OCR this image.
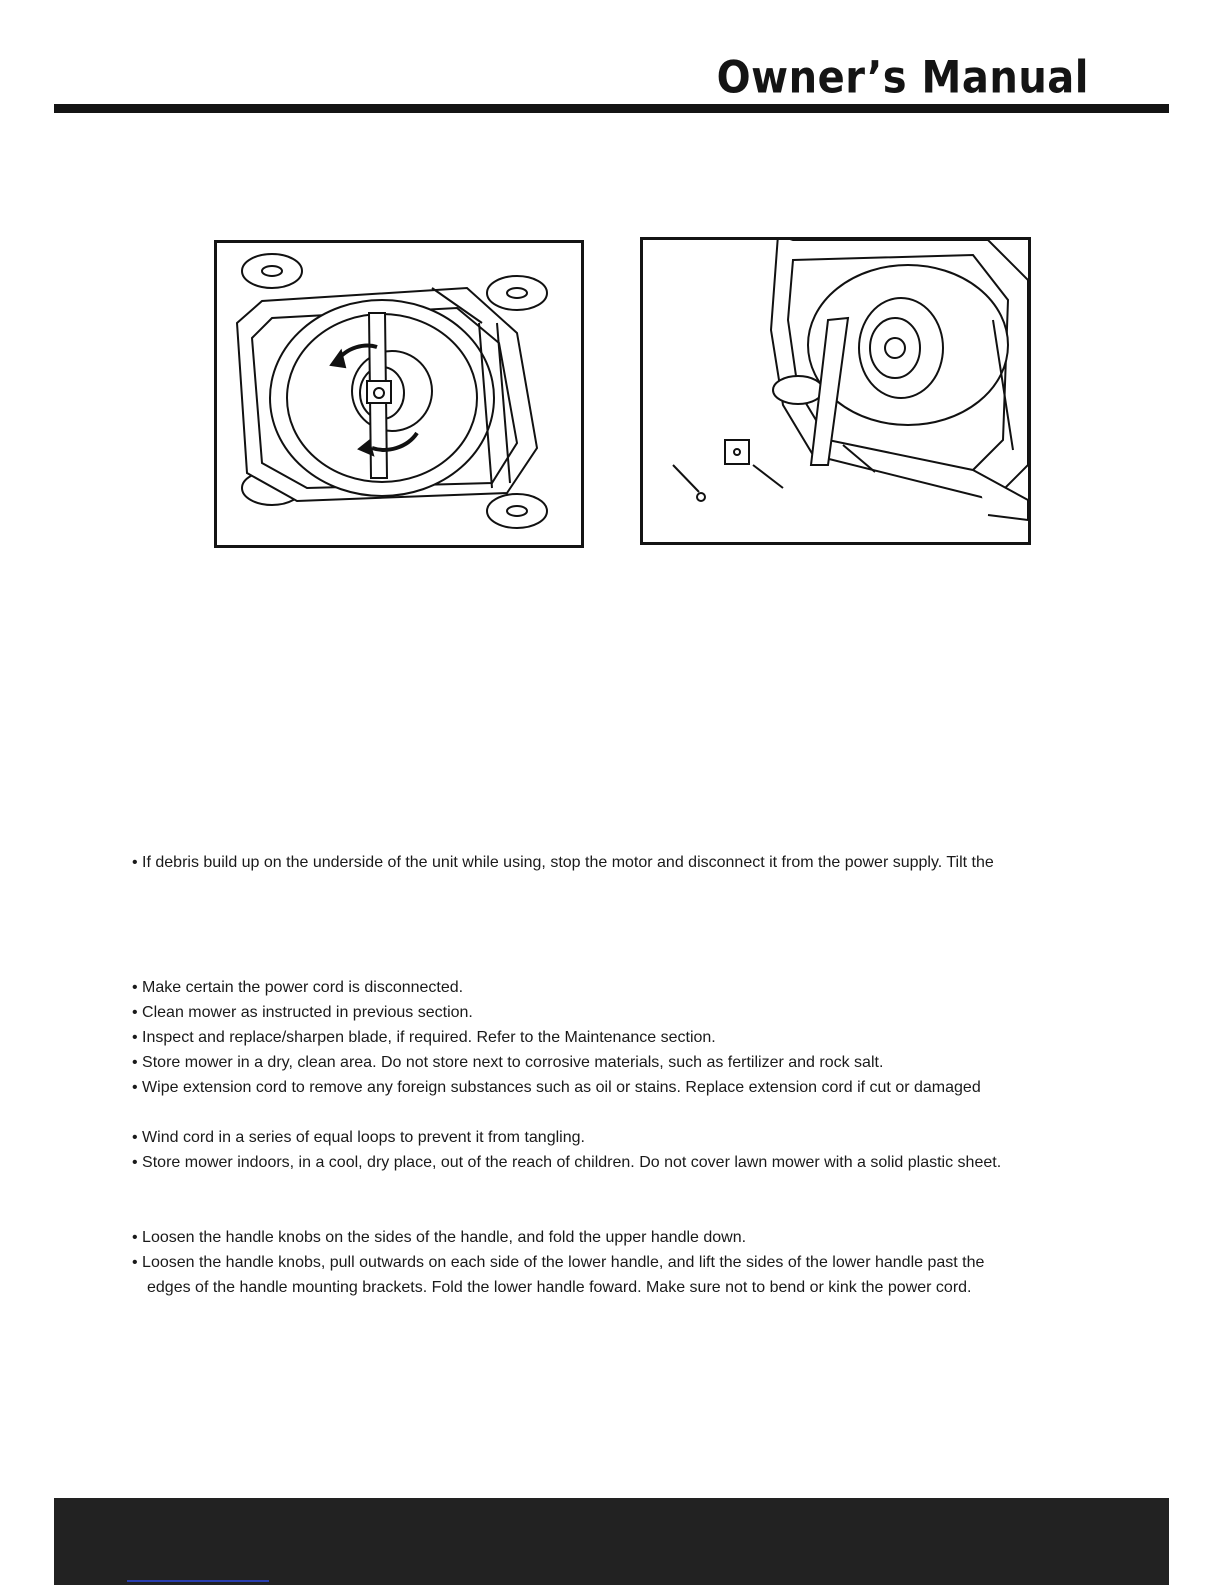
Owner’s Manual
• If debris build up on the underside of the unit while using, stop the motor and disconnect it from the power supply. Tilt the
• Make certain the power cord is disconnected.
• Clean mower as instructed in previous section.
• Inspect and replace/sharpen blade, if required. Refer to the Maintenance section.
• Store mower in a dry, clean area. Do not store next to corrosive materials, such as fertilizer and rock salt.
• Wipe extension cord to remove any foreign substances such as oil or stains. Replace extension cord if cut or damaged
• Wind cord in a series of equal loops to prevent it from tangling.
• Store mower indoors, in a cool, dry place, out of the reach of children. Do not cover lawn mower with a solid plastic sheet.
• Loosen the handle knobs on the sides of the handle, and fold the upper handle down.
• Loosen the handle knobs, pull outwards on each side of the lower handle, and lift the sides of the lower handle past the
edges of the handle mounting brackets. Fold the lower handle foward. Make sure not to bend or kink the power cord.
